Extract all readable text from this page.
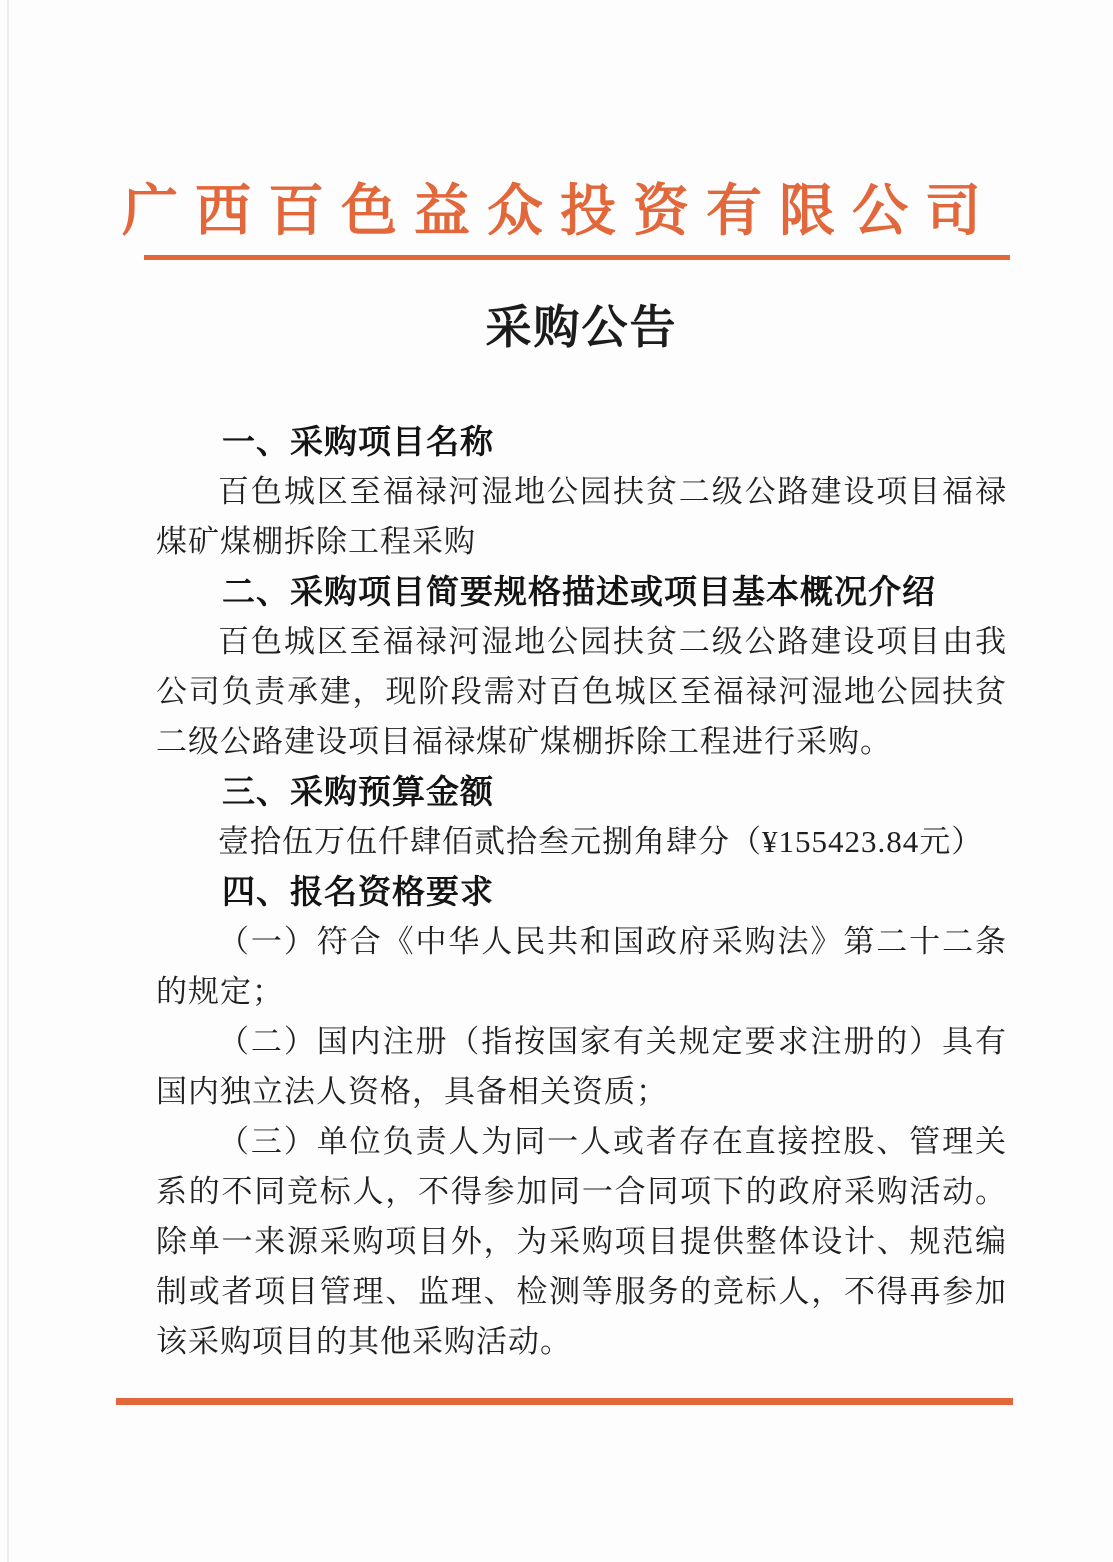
广西百色益众投资有限公司
采购公告
一、采购项目名称

百色城区至福禄河湿地公园扶贫二级公路建设项目福禄煤矿煤棚拆除工程采购

二、采购项目简要规格描述或项目基本概况介绍

百色城区至福禄河湿地公园扶贫二级公路建设项目由我公司负责承建，现阶段需对百色城区至福禄河湿地公园扶贫二级公路建设项目福禄煤矿煤棚拆除工程进行采购。

三、采购预算金额

壹拾伍万伍仟肆佰贰拾叁元捌角肆分（¥155423.84元）

四、报名资格要求

（一）符合《中华人民共和国政府采购法》第二十二条的规定；

（二）国内注册（指按国家有关规定要求注册的）具有国内独立法人资格，具备相关资质；

（三）单位负责人为同一人或者存在直接控股、管理关系的不同竞标人，不得参加同一合同项下的政府采购活动。除单一来源采购项目外，为采购项目提供整体设计、规范编制或者项目管理、监理、检测等服务的竞标人，不得再参加该采购项目的其他采购活动。
